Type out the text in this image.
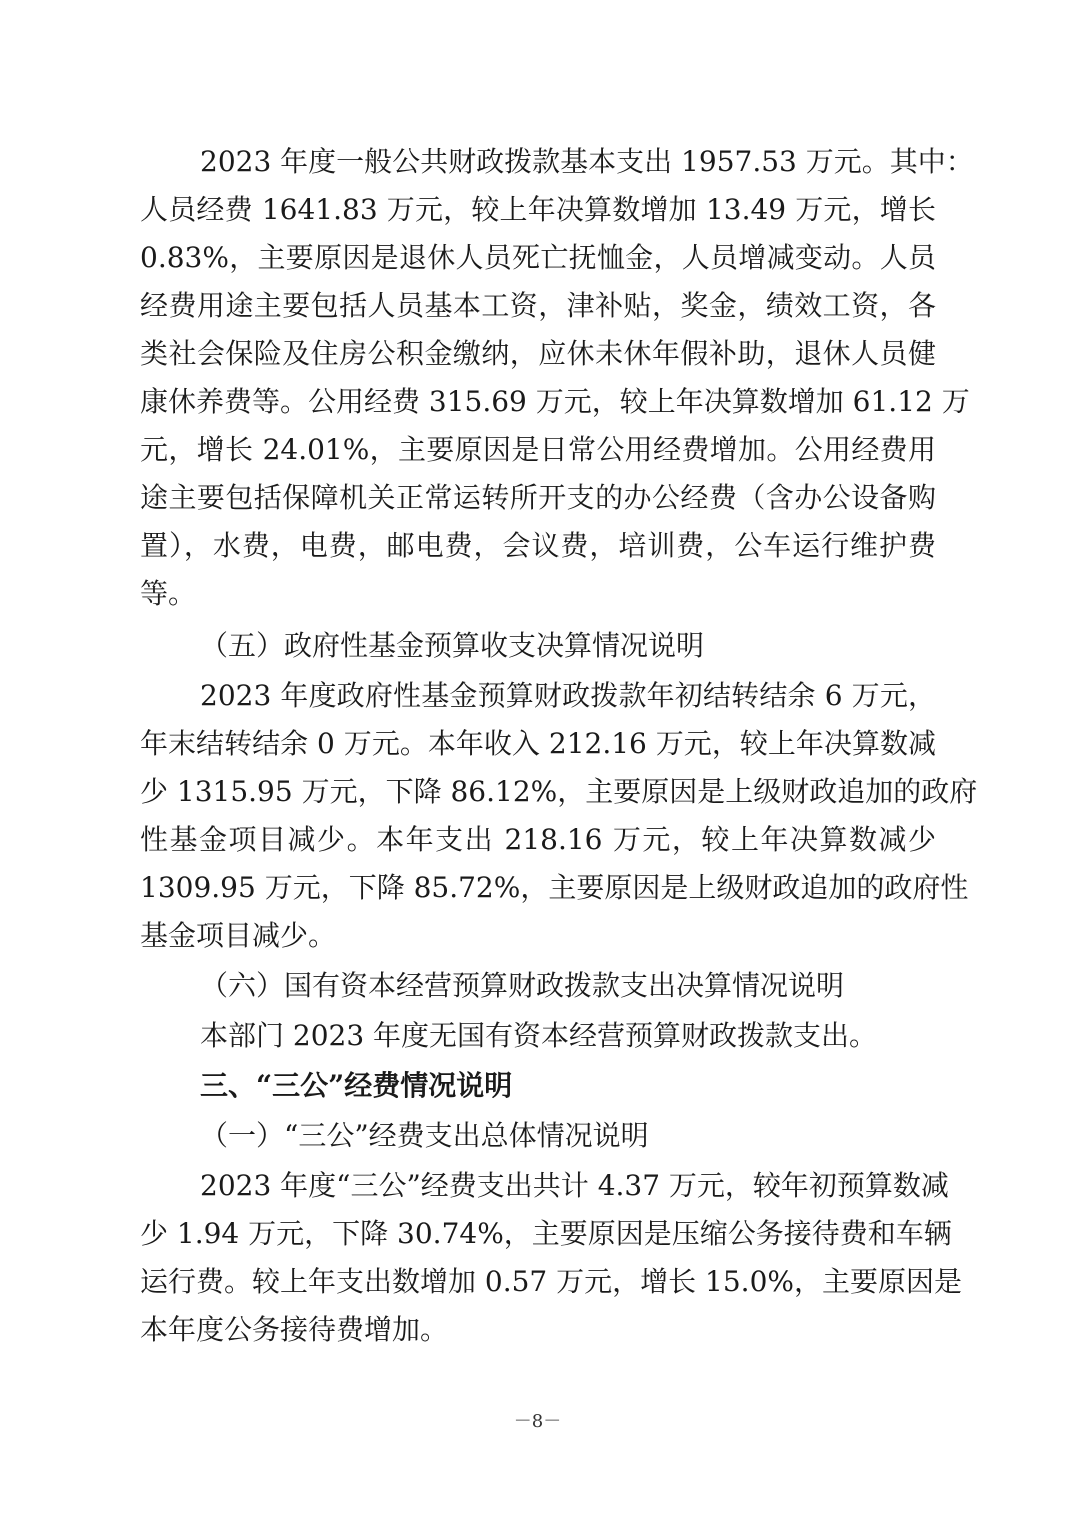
2023 年度一般公共财政拨款基本支出 1957.53 万元。其中：
人员经费 1641.83 万元，较上年决算数增加 13.49 万元，增长
0.83%，主要原因是退休人员死亡抚恤金，人员增减变动。人员
经费用途主要包括人员基本工资，津补贴，奖金，绩效工资，各
类社会保险及住房公积金缴纳，应休未休年假补助，退休人员健
康休养费等。公用经费 315.69 万元，较上年决算数增加 61.12 万
元，增长 24.01%，主要原因是日常公用经费增加。公用经费用
途主要包括保障机关正常运转所开支的办公经费（含办公设备购
置），水费，电费，邮电费，会议费，培训费，公车运行维护费
等。
（五）政府性基金预算收支决算情况说明
2023 年度政府性基金预算财政拨款年初结转结余 6 万元，
年末结转结余 0 万元。本年收入 212.16 万元，较上年决算数减
少 1315.95 万元，下降 86.12%，主要原因是上级财政追加的政府
性基金项目减少。本年支出 218.16 万元，较上年决算数减少
1309.95 万元，下降 85.72%，主要原因是上级财政追加的政府性
基金项目减少。
（六）国有资本经营预算财政拨款支出决算情况说明
本部门 2023 年度无国有资本经营预算财政拨款支出。
三、“三公”经费情况说明
（一）“三公”经费支出总体情况说明
2023 年度“三公”经费支出共计 4.37 万元，较年初预算数减
少 1.94 万元，下降 30.74%，主要原因是压缩公务接待费和车辆
运行费。较上年支出数增加 0.57 万元，增长 15.0%，主要原因是
本年度公务接待费增加。
－8－
